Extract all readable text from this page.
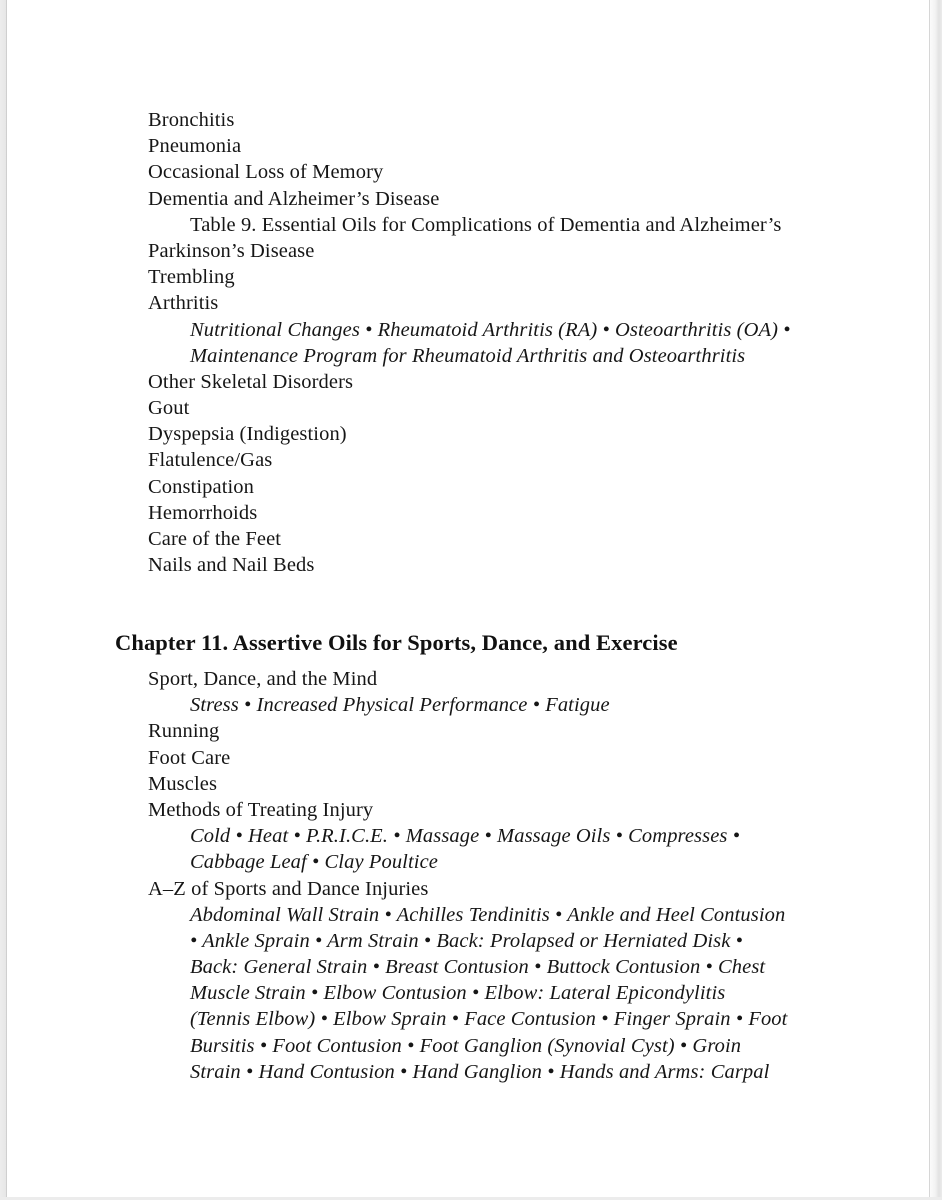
Bronchitis
Pneumonia
Occasional Loss of Memory
Dementia and Alzheimer’s Disease
Table 9. Essential Oils for Complications of Dementia and Alzheimer’s
Parkinson’s Disease
Trembling
Arthritis
Nutritional Changes • Rheumatoid Arthritis (RA) • Osteoarthritis (OA) •
Maintenance Program for Rheumatoid Arthritis and Osteoarthritis
Other Skeletal Disorders
Gout
Dyspepsia (Indigestion)
Flatulence/Gas
Constipation
Hemorrhoids
Care of the Feet
Nails and Nail Beds
Chapter 11. Assertive Oils for Sports, Dance, and Exercise
Sport, Dance, and the Mind
Stress • Increased Physical Performance • Fatigue
Running
Foot Care
Muscles
Methods of Treating Injury
Cold • Heat • P.R.I.C.E. • Massage • Massage Oils • Compresses •
Cabbage Leaf • Clay Poultice
A–Z of Sports and Dance Injuries
Abdominal Wall Strain • Achilles Tendinitis • Ankle and Heel Contusion
• Ankle Sprain • Arm Strain • Back: Prolapsed or Herniated Disk •
Back: General Strain • Breast Contusion • Buttock Contusion • Chest
Muscle Strain • Elbow Contusion • Elbow: Lateral Epicondylitis
(Tennis Elbow) • Elbow Sprain • Face Contusion • Finger Sprain • Foot
Bursitis • Foot Contusion • Foot Ganglion (Synovial Cyst) • Groin
Strain • Hand Contusion • Hand Ganglion • Hands and Arms: Carpal
